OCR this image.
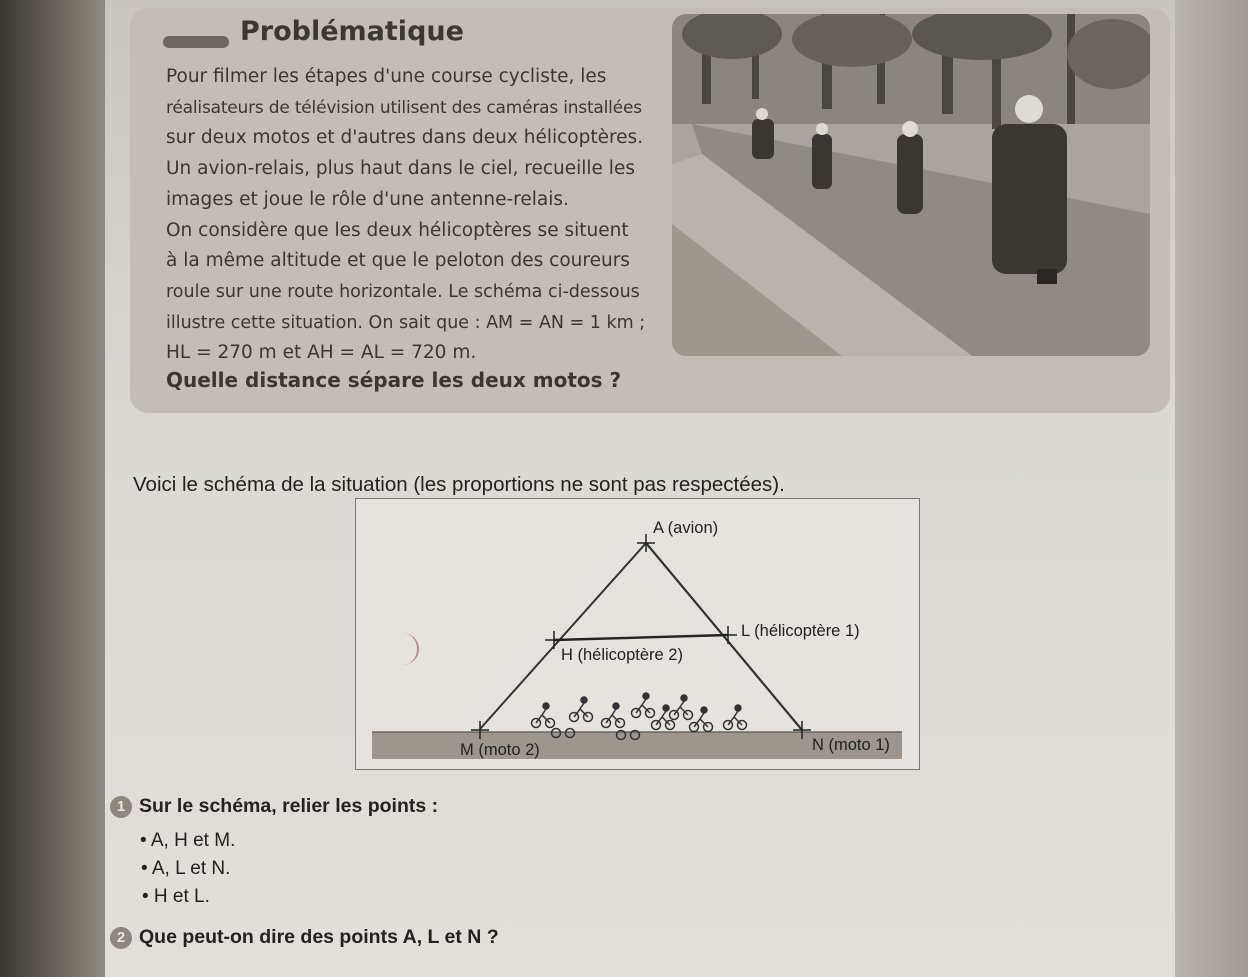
Problématique

Pour filmer les étapes d'une course cycliste, les

réalisateurs de télévision utilisent des caméras installées

sur deux motos et d'autres dans deux hélicoptères.

Un avion-relais, plus haut dans le ciel, recueille les

images et joue le rôle d'une antenne-relais.

On considère que les deux hélicoptères se situent

à la même altitude et que le peloton des coureurs

roule sur une route horizontale. Le schéma ci-dessous

illustre cette situation. On sait que : AM = AN = 1 km ;

HL = 270 m et AH = AL = 720 m.

Quelle distance sépare les deux motos ?
Voici le schéma de la situation (les proportions ne sont pas respectées).
A (avion)
L (hélicoptère 1)
H (hélicoptère 2)
M (moto 2)	N (moto 1)
1 Sur le schéma, relier les points :
• A, H et M.
• A, L et N.
• H et L.
2 Que peut-on dire des points A, L et N ?
